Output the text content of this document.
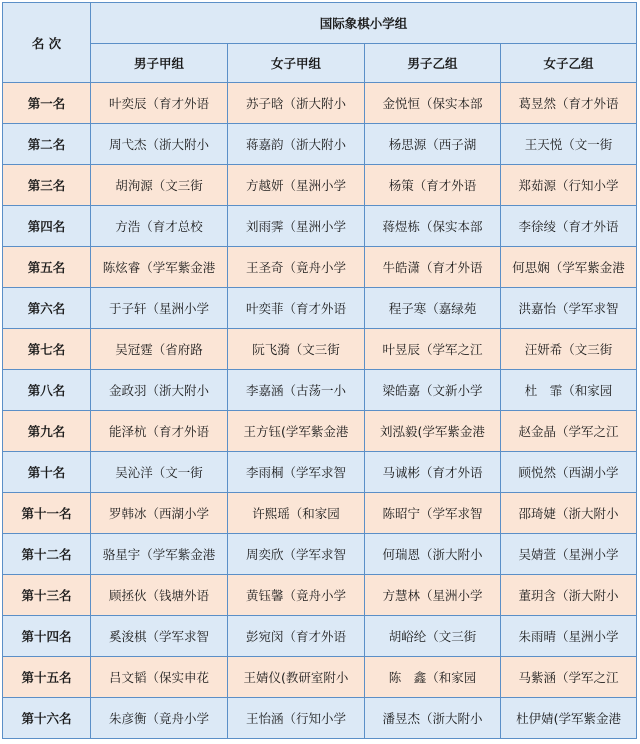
名 次	国际象棋小学组			
	男子甲组	女子甲组	男子乙组	女子乙组
第一名	叶奕辰（育才外语	苏子晗（浙大附小	金悦恒（保实本部	葛昱然（育才外语
第二名	周弋杰（浙大附小	蒋嘉韵（浙大附小	杨思源（西子湖	王天悦（文一街
第三名	胡洵源（文三街	方越妍（星洲小学	杨策（育才外语	郑茹源（行知小学
第四名	方浩（育才总校	刘雨霁（星洲小学	蒋煜栋（保实本部	李徐绫（育才外语
第五名	陈炫睿（学军紫金港	王圣奇（竟舟小学	牛皓潇（育才外语	何思娴（学军紫金港
第六名	于子轩（星洲小学	叶奕菲（育才外语	程子寒（嘉绿苑	洪嘉怡（学军求智
第七名	吴冠霆（省府路	阮飞漪（文三街	叶昱辰（学军之江	汪妍希（文三街
第八名	金政羽（浙大附小	李嘉涵（古荡一小	梁皓嘉（文新小学	杜　霏（和家园
第九名	能泽杭（育才外语	王方钰(学军紫金港	刘泓毅(学军紫金港	赵金晶（学军之江
第十名	吴沁洋（文一街	李雨桐（学军求智	马诚彬（育才外语	顾悦然（西湖小学
第十一名	罗韩冰（西湖小学	许熙瑶（和家园	陈昭宁（学军求智	邵琦婕（浙大附小
第十二名	骆星宇（学军紫金港	周奕欣（学军求智	何瑞恩（浙大附小	吴婧萱（星洲小学
第十三名	顾拯伙（钱塘外语	黄钰馨（竟舟小学	方慧林（星洲小学	董玥含（浙大附小
第十四名	奚浚棋（学军求智	彭宛闵（育才外语	胡峪纶（文三街	朱雨晴（星洲小学
第十五名	吕文韬（保实申花	王婧仪(教研室附小	陈　鑫（和家园	马紫涵（学军之江
第十六名	朱彦衡（竟舟小学	王怡涵（行知小学	潘昱杰（浙大附小	杜伊婧(学军紫金港
